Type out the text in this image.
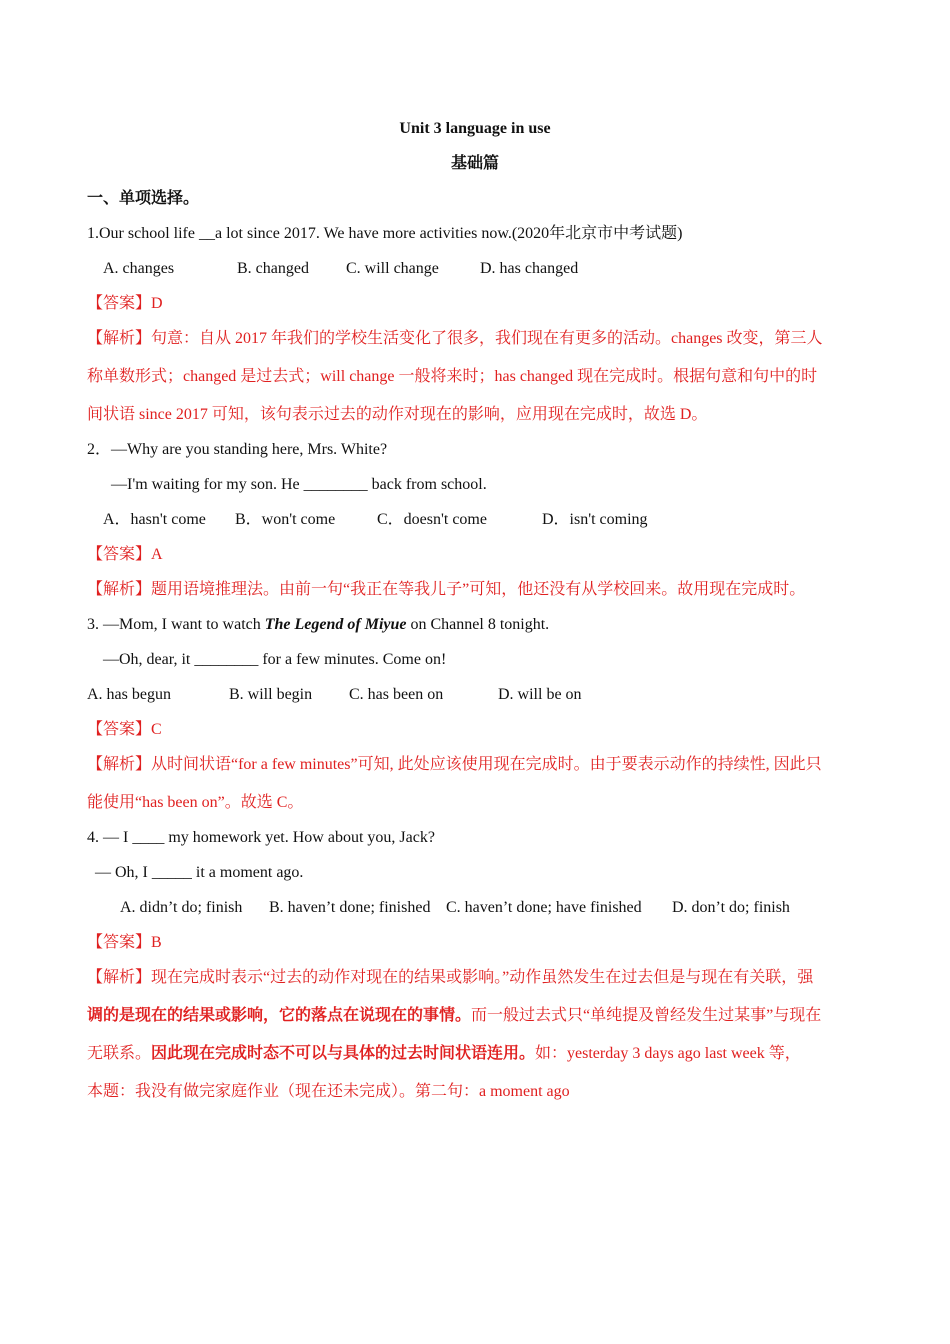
Unit 3 language in use
基础篇
一、单项选择。
1.Our school life __a lot since 2017. We have more activities now.(2020年北京市中考试题)
A. changes	B. changed C. will change	D. has changed
【答案】D
【解析】句意：自从 2017 年我们的学校生活变化了很多，我们现在有更多的活动。changes 改变，第三人
称单数形式；changed 是过去式；will change 一般将来时；has changed 现在完成时。根据句意和句中的时
间状语 since 2017 可知，该句表示过去的动作对现在的影响，应用现在完成时，故选 D。
2．—Why are you standing here, Mrs. White?
—I'm waiting for my son. He ________ back from school.
A．hasn't come B．won't come	C．doesn't come	D．isn't coming
【答案】A
【解析】题用语境推理法。由前一句“我正在等我儿子”可知，他还没有从学校回来。故用现在完成时。
3. —Mom, I want to watch The Legend of Miyue on Channel 8 tonight.
—Oh, dear, it ________ for a few minutes. Come on!
A. has begun	B. will begin C. has been on	D. will be on
【答案】C
【解析】从时间状语“for a few minutes”可知, 此处应该使用现在完成时。由于要表示动作的持续性, 因此只
能使用“has been on”。故选 C。
4. — I ____ my homework yet. How about you, Jack?
— Oh, I _____ it a moment ago.
A. didn’t do; finish B. haven’t done; finished C. haven’t done; have finished D. don’t do; finish
【答案】B
【解析】现在完成时表示“过去的动作对现在的结果或影响。”动作虽然发生在过去但是与现在有关联，强
调的是现在的结果或影响，它的落点在说现在的事情。而一般过去式只“单纯提及曾经发生过某事”与现在
无联系。因此现在完成时态不可以与具体的过去时间状语连用。如：yesterday 3 days ago last week 等，
本题：我没有做完家庭作业（现在还未完成）。第二句：a moment ago
